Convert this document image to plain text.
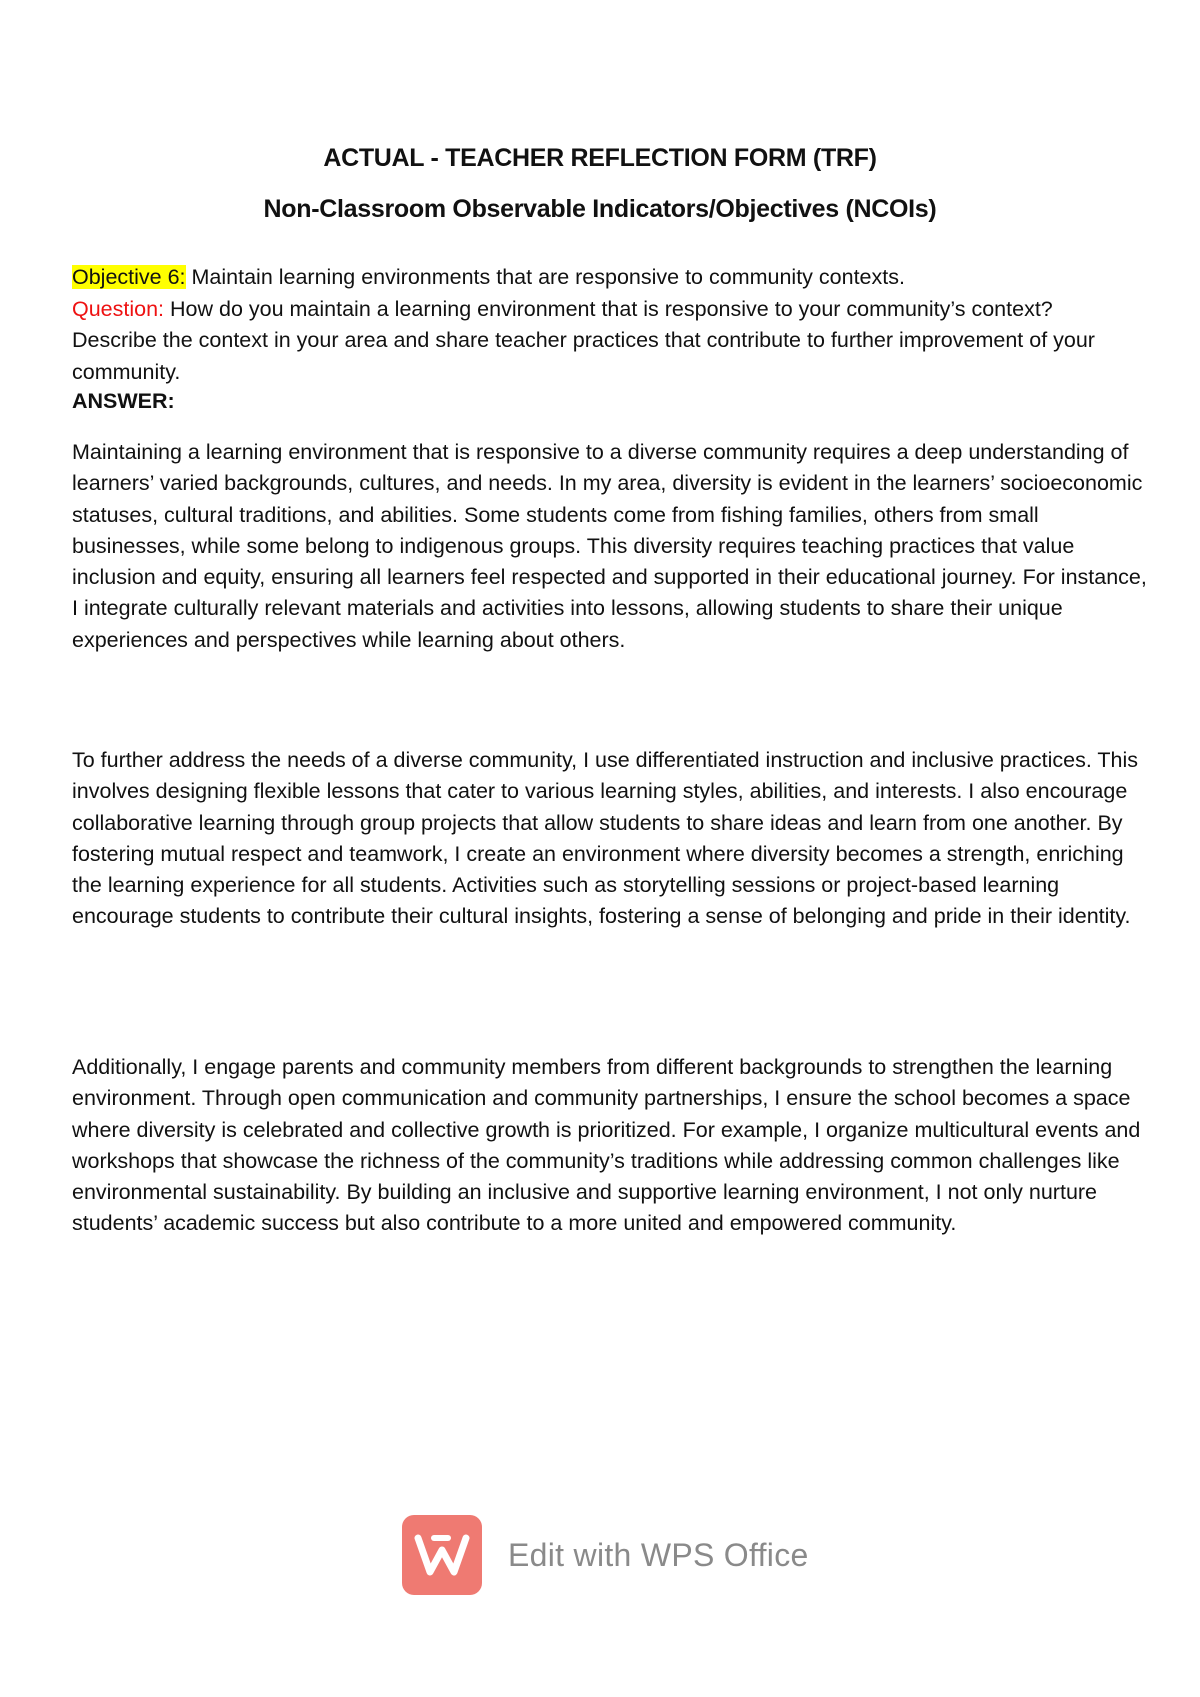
ACTUAL - TEACHER REFLECTION FORM (TRF)
Non-Classroom Observable Indicators/Objectives (NCOIs)
Objective 6: Maintain learning environments that are responsive to community contexts.
Question: How do you maintain a learning environment that is responsive to your community’s context? Describe the context in your area and share teacher practices that contribute to further improvement of your community.
ANSWER:

Maintaining a learning environment that is responsive to a diverse community requires a deep understanding of learners’ varied backgrounds, cultures, and needs. In my area, diversity is evident in the learners’ socioeconomic statuses, cultural traditions, and abilities. Some students come from fishing families, others from small businesses, while some belong to indigenous groups. This diversity requires teaching practices that value inclusion and equity, ensuring all learners feel respected and supported in their educational journey. For instance, I integrate culturally relevant materials and activities into lessons, allowing students to share their unique experiences and perspectives while learning about others.

To further address the needs of a diverse community, I use differentiated instruction and inclusive practices. This involves designing flexible lessons that cater to various learning styles, abilities, and interests. I also encourage collaborative learning through group projects that allow students to share ideas and learn from one another. By fostering mutual respect and teamwork, I create an environment where diversity becomes a strength, enriching the learning experience for all students. Activities such as storytelling sessions or project-based learning encourage students to contribute their cultural insights, fostering a sense of belonging and pride in their identity.

Additionally, I engage parents and community members from different backgrounds to strengthen the learning environment. Through open communication and community partnerships, I ensure the school becomes a space where diversity is celebrated and collective growth is prioritized. For example, I organize multicultural events and workshops that showcase the richness of the community’s traditions while addressing common challenges like environmental sustainability. By building an inclusive and supportive learning environment, I not only nurture students’ academic success but also contribute to a more united and empowered community.

Edit with WPS Office
